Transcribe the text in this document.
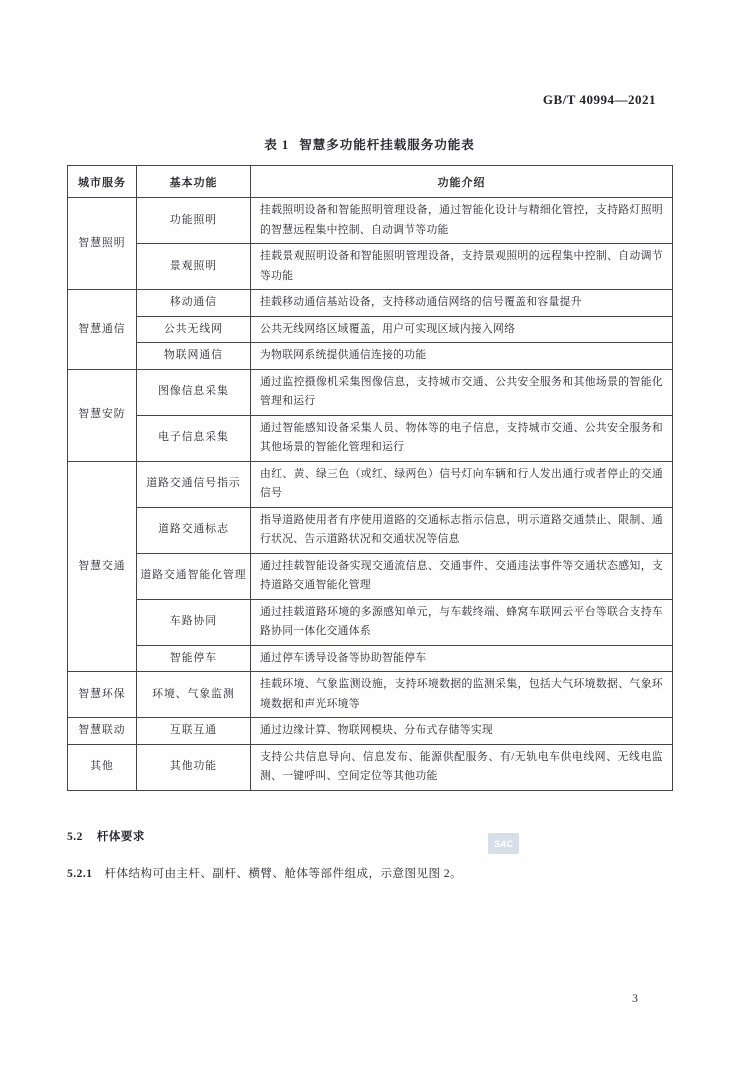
GB/T 40994—2021
表 1 智慧多功能杆挂载服务功能表
城市服务	基本功能	功能介绍
智慧照明	功能照明	挂载照明设备和智能照明管理设备，通过智能化设计与精细化管控，支持路灯照明的智慧远程集中控制、自动调节等功能
	景观照明	挂载景观照明设备和智能照明管理设备，支持景观照明的远程集中控制、自动调节等功能
智慧通信	移动通信	挂载移动通信基站设备，支持移动通信网络的信号覆盖和容量提升
	公共无线网	公共无线网络区域覆盖，用户可实现区域内接入网络
	物联网通信	为物联网系统提供通信连接的功能
智慧安防	图像信息采集	通过监控摄像机采集图像信息，支持城市交通、公共安全服务和其他场景的智能化管理和运行
	电子信息采集	通过智能感知设备采集人员、物体等的电子信息，支持城市交通、公共安全服务和其他场景的智能化管理和运行
智慧交通	道路交通信号指示	由红、黄、绿三色（或红、绿两色）信号灯向车辆和行人发出通行或者停止的交通信号
	道路交通标志	指导道路使用者有序使用道路的交通标志指示信息，明示道路交通禁止、限制、通行状况、告示道路状况和交通状况等信息
	道路交通智能化管理	通过挂载智能设备实现交通流信息、交通事件、交通违法事件等交通状态感知，支持道路交通智能化管理
	车路协同	通过挂载道路环境的多源感知单元，与车载终端、蜂窝车联网云平台等联合支持车路协同一体化交通体系
	智能停车	通过停车诱导设备等协助智能停车
智慧环保	环境、气象监测	挂载环境、气象监测设施，支持环境数据的监测采集，包括大气环境数据、气象环境数据和声光环境等
智慧联动	互联互通	通过边缘计算、物联网模块、分布式存储等实现
其他	其他功能	支持公共信息导向、信息发布、能源供配服务、有/无轨电车供电线网、无线电监测、一键呼叫、空间定位等其他功能
5.2 杆体要求
5.2.1 杆体结构可由主杆、副杆、横臂、舱体等部件组成，示意图见图 2。
SAC
3
